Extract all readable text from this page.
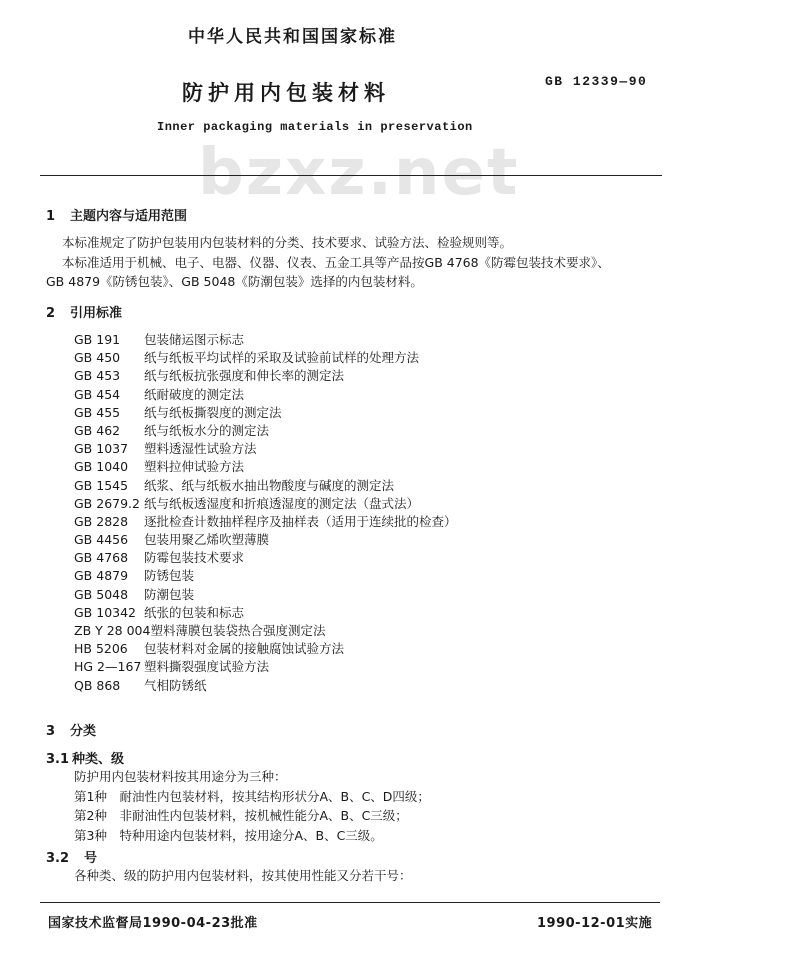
中华人民共和国国家标准
防护用内包装材料	GB 12339—90
Inner packaging materials in preservation
bzxz.net
1 主题内容与适用范围
本标准规定了防护包装用内包装材料的分类、技术要求、试验方法、检验规则等。
本标准适用于机械、电子、电器、仪器、仪表、五金工具等产品按GB 4768《防霉包装技术要求》、
GB 4879《防锈包装》、GB 5048《防潮包装》选择的内包装材料。
2 引用标准
GB 191 包装储运图示标志
GB 450 纸与纸板平均试样的采取及试验前试样的处理方法
GB 453 纸与纸板抗张强度和伸长率的测定法
GB 454 纸耐破度的测定法
GB 455 纸与纸板撕裂度的测定法
GB 462 纸与纸板水分的测定法
GB 1037 塑料透湿性试验方法
GB 1040 塑料拉伸试验方法
GB 1545 纸浆、纸与纸板水抽出物酸度与碱度的测定法
GB 2679.2 纸与纸板透湿度和折痕透湿度的测定法（盘式法）
GB 2828 逐批检查计数抽样程序及抽样表（适用于连续批的检查）
GB 4456 包装用聚乙烯吹塑薄膜
GB 4768 防霉包装技术要求
GB 4879 防锈包装
GB 5048 防潮包装
GB 10342 纸张的包装和标志
ZB Y 28 004塑料薄膜包装袋热合强度测定法
HB 5206 包装材料对金属的接触腐蚀试验方法
HG 2—167 塑料撕裂强度试验方法
QB 868 气相防锈纸
3 分类
3.1 种类、级
防护用内包装材料按其用途分为三种：
第1种　耐油性内包装材料，按其结构形状分A、B、C、D四级；
第2种　非耐油性内包装材料，按机械性能分A、B、C三级；
第3种　特种用途内包装材料，按用途分A、B、C三级。
3.2 号
各种类、级的防护用内包装材料，按其使用性能又分若干号：
国家技术监督局1990-04-23批准	1990-12-01实施
